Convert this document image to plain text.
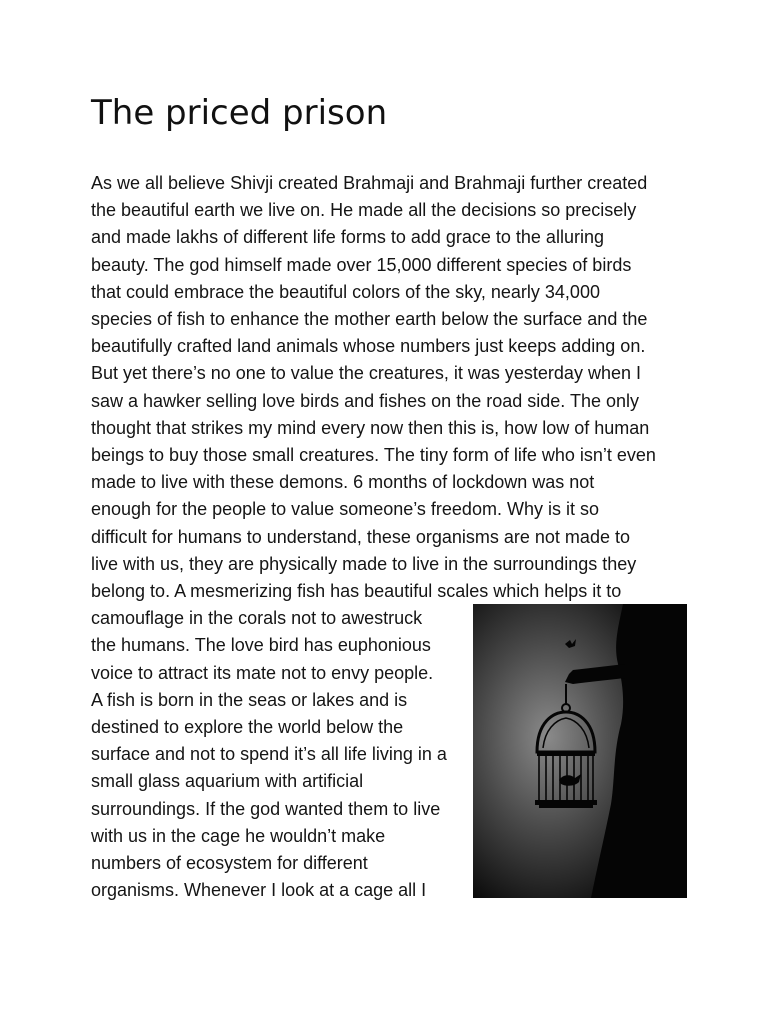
The priced prison

As we all believe Shivji created Brahmaji and Brahmaji further created

the beautiful earth we live on. He made all the decisions so precisely

and made lakhs of different life forms to add grace to the alluring

beauty. The god himself made over 15,000 different species of birds

that could embrace the beautiful colors of the sky, nearly 34,000

species of fish to enhance the mother earth below the surface and the

beautifully crafted land animals whose numbers just keeps adding on.

But yet there’s no one to value the creatures, it was yesterday when I

saw a hawker selling love birds and fishes on the road side. The only

thought that strikes my mind every now then this is, how low of human

beings to buy those small creatures. The tiny form of life who isn’t even

made to live with these demons. 6 months of lockdown was not

enough for the people to value someone’s freedom. Why is it so

difficult for humans to understand, these organisms are not made to

live with us, they are physically made to live in the surroundings they

belong to. A mesmerizing fish has beautiful scales which helps it to

camouflage in the corals not to awestruck

the humans. The love bird has euphonious

voice to attract its mate not to envy people.

A fish is born in the seas or lakes and is

destined to explore the world below the

surface and not to spend it’s all life living in a

small glass aquarium with artificial

surroundings. If the god wanted them to live

with us in the cage he wouldn’t make

numbers of ecosystem for different

organisms. Whenever I look at a cage all I
